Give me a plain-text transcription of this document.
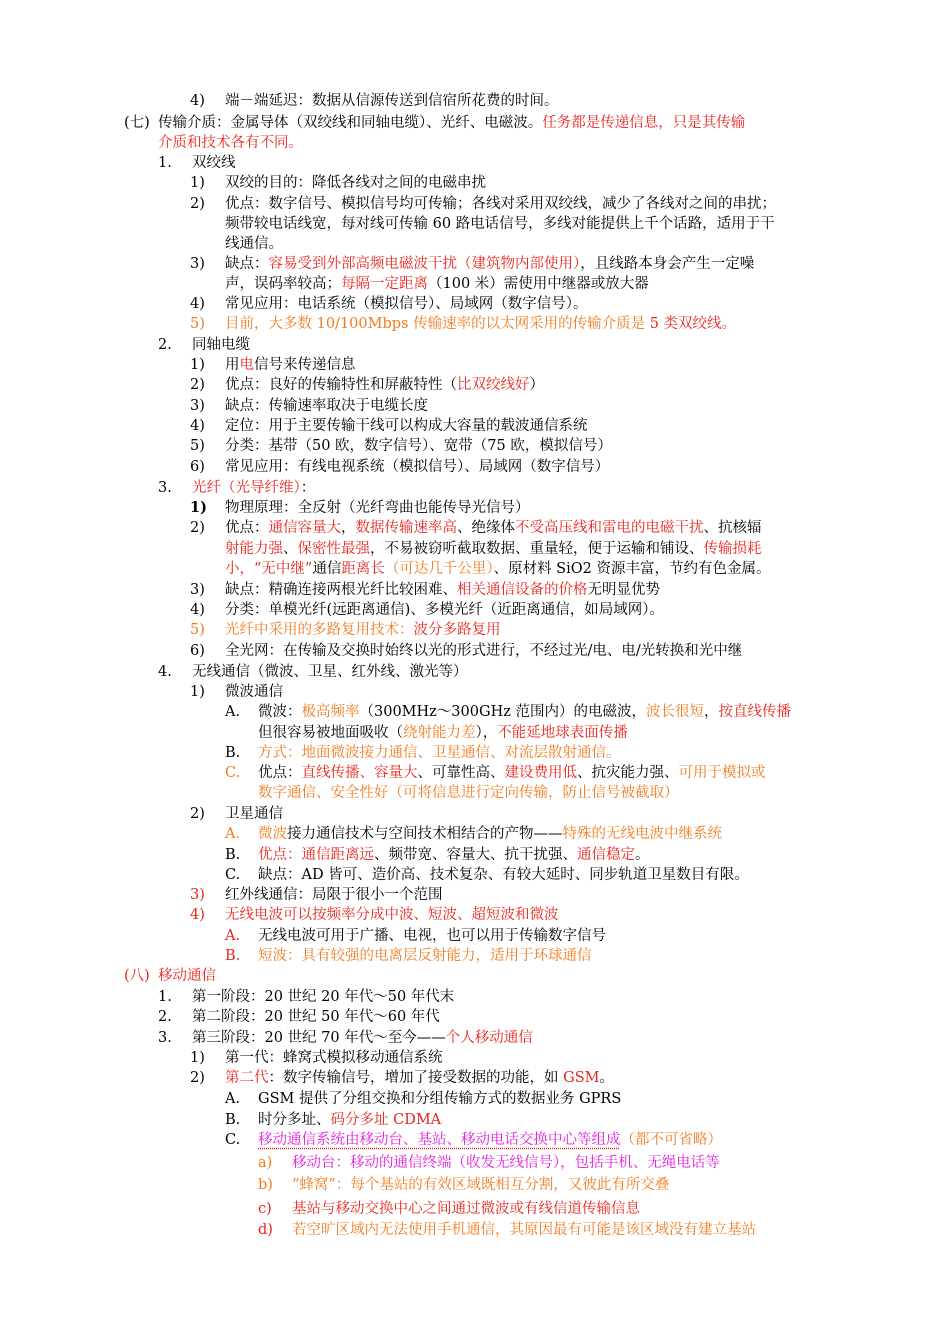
4) 端－端延迟：数据从信源传送到信宿所花费的时间。
(七) 传输介质：金属导体（双绞线和同轴电缆）、光纤、电磁波。任务都是传递信息，只是其传输
介质和技术各有不同。
1. 双绞线
1) 双绞的目的：降低各线对之间的电磁串扰
2) 优点：数字信号、模拟信号均可传输；各线对采用双绞线，减少了各线对之间的串扰；
频带较电话线宽，每对线可传输 60 路电话信号，多线对能提供上千个话路，适用于干
线通信。
3) 缺点：容易受到外部高频电磁波干扰（建筑物内部使用），且线路本身会产生一定噪
声，误码率较高；每隔一定距离（100 米）需使用中继器或放大器
4) 常见应用：电话系统（模拟信号）、局域网（数字信号）。
5) 目前，大多数 10/100Mbps 传输速率的以太网采用的传输介质是 5 类双绞线。
2. 同轴电缆
1) 用电信号来传递信息
2) 优点：良好的传输特性和屏蔽特性（比双绞线好）
3) 缺点：传输速率取决于电缆长度
4) 定位：用于主要传输干线可以构成大容量的载波通信系统
5) 分类：基带（50 欧，数字信号）、宽带（75 欧，模拟信号）
6) 常见应用：有线电视系统（模拟信号）、局域网（数字信号）
3. 光纤（光导纤维）：
1) 物理原理：全反射（光纤弯曲也能传导光信号）
2) 优点：通信容量大，数据传输速率高、绝缘体不受高压线和雷电的电磁干扰、抗核辐
射能力强、保密性最强，不易被窃听截取数据、重量轻，便于运输和铺设、传输损耗
小，“无中继”通信距离长（可达几千公里）、原材料 SiO2 资源丰富，节约有色金属。
3) 缺点：精确连接两根光纤比较困难、相关通信设备的价格无明显优势
4) 分类：单模光纤(远距离通信)、多模光纤（近距离通信，如局域网）。
5) 光纤中采用的多路复用技术：波分多路复用
6) 全光网：在传输及交换时始终以光的形式进行，不经过光/电、电/光转换和光中继
4. 无线通信（微波、卫星、红外线、激光等）
1) 微波通信
A. 微波：极高频率（300MHz～300GHz 范围内）的电磁波，波长很短，按直线传播
但很容易被地面吸收（绕射能力差），不能延地球表面传播
B. 方式：地面微波接力通信、卫星通信、对流层散射通信。
C. 优点：直线传播、容量大、可靠性高、建设费用低、抗灾能力强、可用于模拟或
数字通信、安全性好（可将信息进行定向传输，防止信号被截取）
2) 卫星通信
A. 微波接力通信技术与空间技术相结合的产物——特殊的无线电波中继系统
B. 优点：通信距离远、频带宽、容量大、抗干扰强、通信稳定。
C. 缺点：AD 皆可、造价高、技术复杂、有较大延时、同步轨道卫星数目有限。
3) 红外线通信：局限于很小一个范围
4) 无线电波可以按频率分成中波、短波、超短波和微波
A. 无线电波可用于广播、电视，也可以用于传输数字信号
B. 短波：具有较强的电离层反射能力，适用于环球通信
(八) 移动通信
1. 第一阶段：20 世纪 20 年代～50 年代末
2. 第二阶段：20 世纪 50 年代～60 年代
3. 第三阶段：20 世纪 70 年代～至今——个人移动通信
1) 第一代：蜂窝式模拟移动通信系统
2) 第二代：数字传输信号，增加了接受数据的功能，如 GSM。
A. GSM 提供了分组交换和分组传输方式的数据业务 GPRS
B. 时分多址、码分多址 CDMA
C. 移动通信系统由移动台、基站、移动电话交换中心等组成（都不可省略）
a) 移动台：移动的通信终端（收发无线信号），包括手机、无绳电话等
b) “蜂窝”：每个基站的有效区域既相互分割，又彼此有所交叠
c) 基站与移动交换中心之间通过微波或有线信道传输信息
d) 若空旷区域内无法使用手机通信，其原因最有可能是该区域没有建立基站
